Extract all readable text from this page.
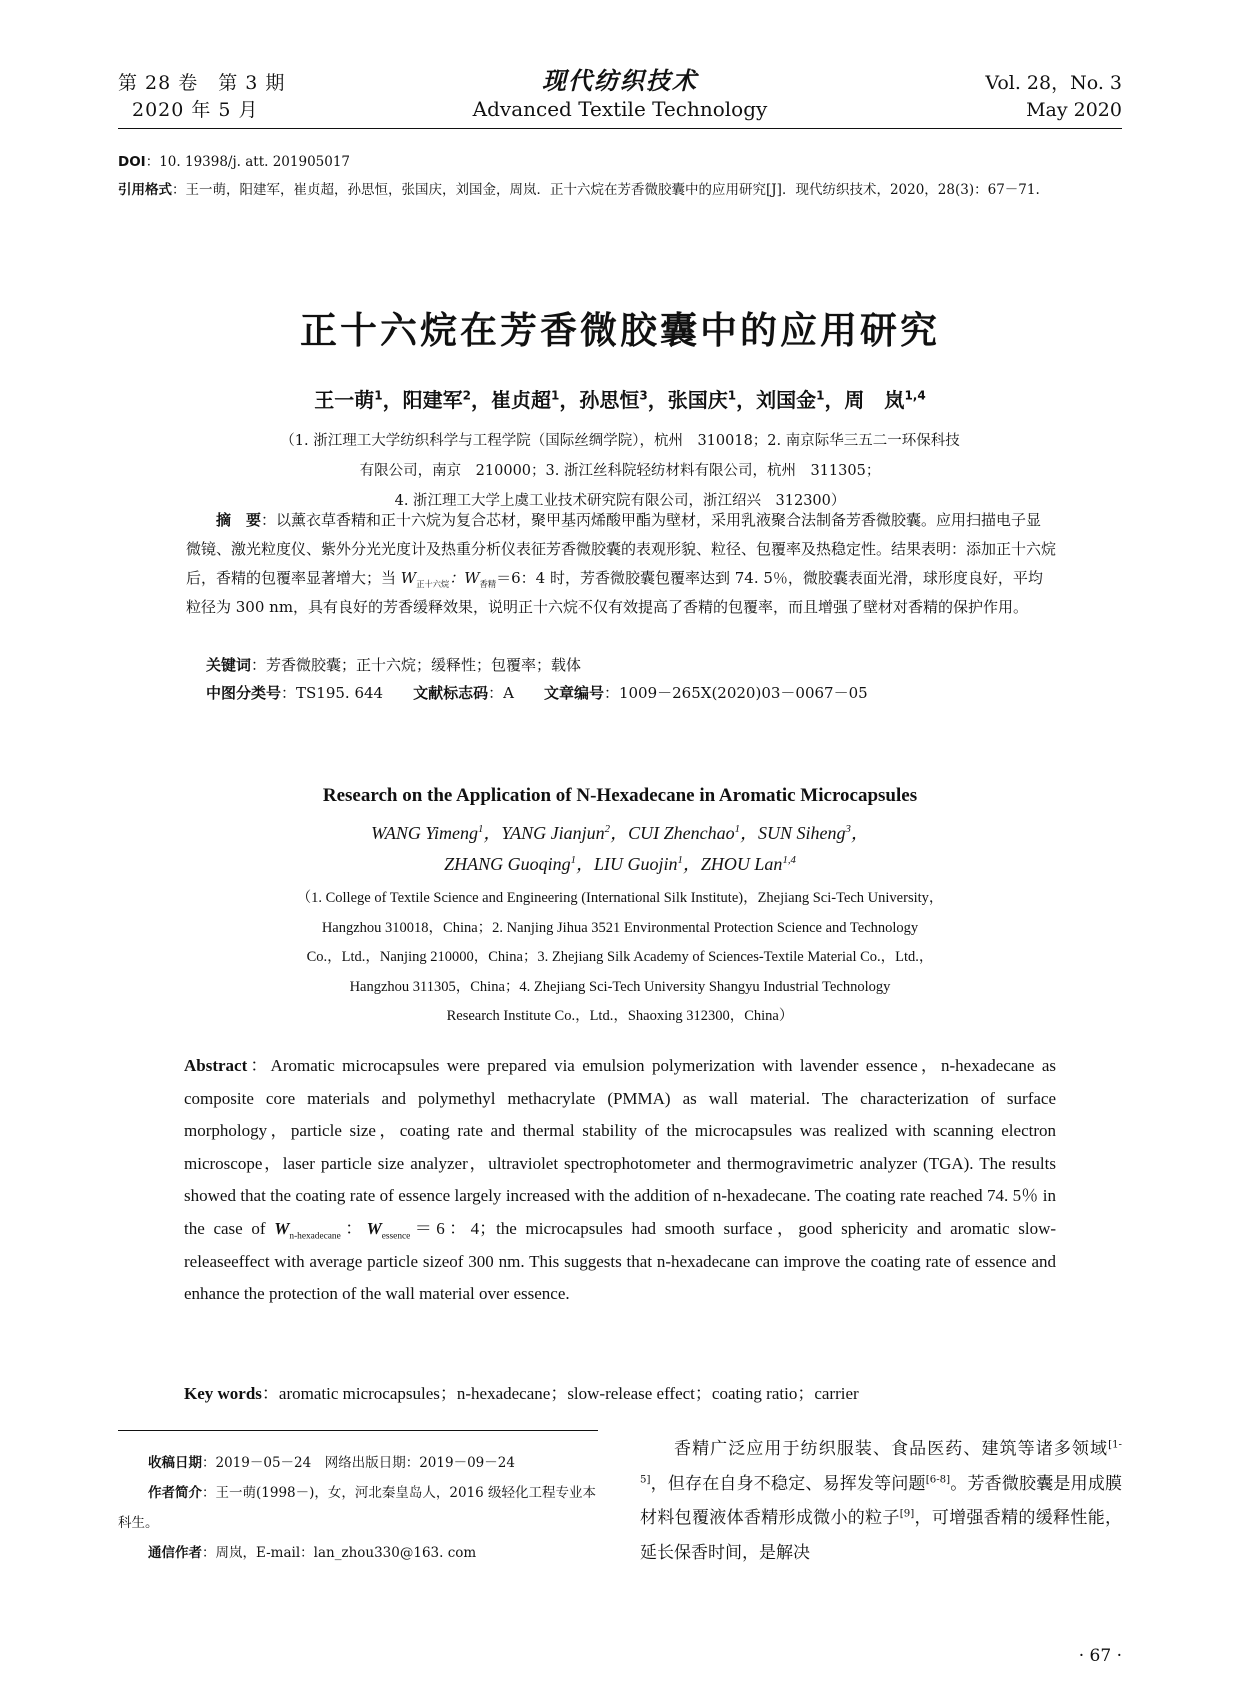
第 28 卷　第 3 期
2020 年 5 月
现代纺织技术
Advanced Textile Technology
Vol. 28，No. 3
May 2020
DOI：10. 19398/j. att. 201905017
引用格式：王一萌，阳建军，崔贞超，孙思恒，张国庆，刘国金，周岚．正十六烷在芳香微胶囊中的应用研究[J]．现代纺织技术，2020，28(3)：67－71.
正十六烷在芳香微胶囊中的应用研究
王一萌$^1$，阳建军$^2$，崔贞超$^1$，孙思恒$^3$，张国庆$^1$，刘国金$^1$，周　岚$^{1,4}$
（1. 浙江理工大学纺织科学与工程学院（国际丝绸学院），杭州　310018；2. 南京际华三五二一环保科技
有限公司，南京　210000；3. 浙江丝科院轻纺材料有限公司，杭州　311305；
4. 浙江理工大学上虞工业技术研究院有限公司，浙江绍兴　312300）
摘　要：以薰衣草香精和正十六烷为复合芯材，聚甲基丙烯酸甲酯为壁材，采用乳液聚合法制备芳香微胶囊。应用扫描电子显微镜、激光粒度仪、紫外分光光度计及热重分析仪表征芳香微胶囊的表观形貌、粒径、包覆率及热稳定性。结果表明：添加正十六烷后，香精的包覆率显著增大；当 $W_{正十六烷}$：$W_{香精}=6$：4 时，芳香微胶囊包覆率达到 74. 5％，微胶囊表面光滑，球形度良好，平均粒径为 300 nm，具有良好的芳香缓释效果，说明正十六烷不仅有效提高了香精的包覆率，而且增强了壁材对香精的保护作用。
关键词：芳香微胶囊；正十六烷；缓释性；包覆率；载体
中图分类号：TS195. 644 文献标志码：A 文章编号：1009－265X(2020)03－0067－05
Research on the Application of N-Hexadecane in Aromatic Microcapsules
WANG Yimeng$^1$，YANG Jianjun$^2$，CUI Zhenchao$^1$，SUN Siheng$^3$，
ZHANG Guoqing$^1$，LIU Guojin$^1$，ZHOU Lan$^{1,4}$
（1. College of Textile Science and Engineering (International Silk Institute)，Zhejiang Sci-Tech University，
Hangzhou 310018，China；2. Nanjing Jihua 3521 Environmental Protection Science and Technology
Co.，Ltd.，Nanjing 210000，China；3. Zhejiang Silk Academy of Sciences-Textile Material Co.，Ltd.，
Hangzhou 311305，China；4. Zhejiang Sci-Tech University Shangyu Industrial Technology
Research Institute Co.，Ltd.，Shaoxing 312300，China）
Abstract：Aromatic microcapsules were prepared via emulsion polymerization with lavender essence，n-hexadecane as composite core materials and polymethyl methacrylate (PMMA) as wall material. The characterization of surface morphology，particle size，coating rate and thermal stability of the microcapsules was realized with scanning electron microscope，laser particle size analyzer，ultraviolet spectrophotometer and thermogravimetric analyzer (TGA). The results showed that the coating rate of essence largely increased with the addition of n-hexadecane. The coating rate reached 74. 5％ in the case of $W_{n-hexadecane}$：$W_{essence}=6$：4；the microcapsules had smooth surface，good sphericity and aromatic slow-releaseeffect with average particle sizeof 300 nm. This suggests that n-hexadecane can improve the coating rate of essence and enhance the protection of the wall material over essence.
Key words：aromatic microcapsules；n-hexadecane；slow-release effect；coating ratio；carrier
收稿日期：2019－05－24　网络出版日期：2019－09－24
作者简介：王一萌(1998－)，女，河北秦皇岛人，2016 级轻化工程专业本科生。
通信作者：周岚，E-mail：lan_zhou330@163. com
香精广泛应用于纺织服装、食品医药、建筑等诸多领域[1-5]，但存在自身不稳定、易挥发等问题[6-8]。芳香微胶囊是用成膜材料包覆液体香精形成微小的粒子[9]，可增强香精的缓释性能，延长保香时间，是解决
· 67 ·
